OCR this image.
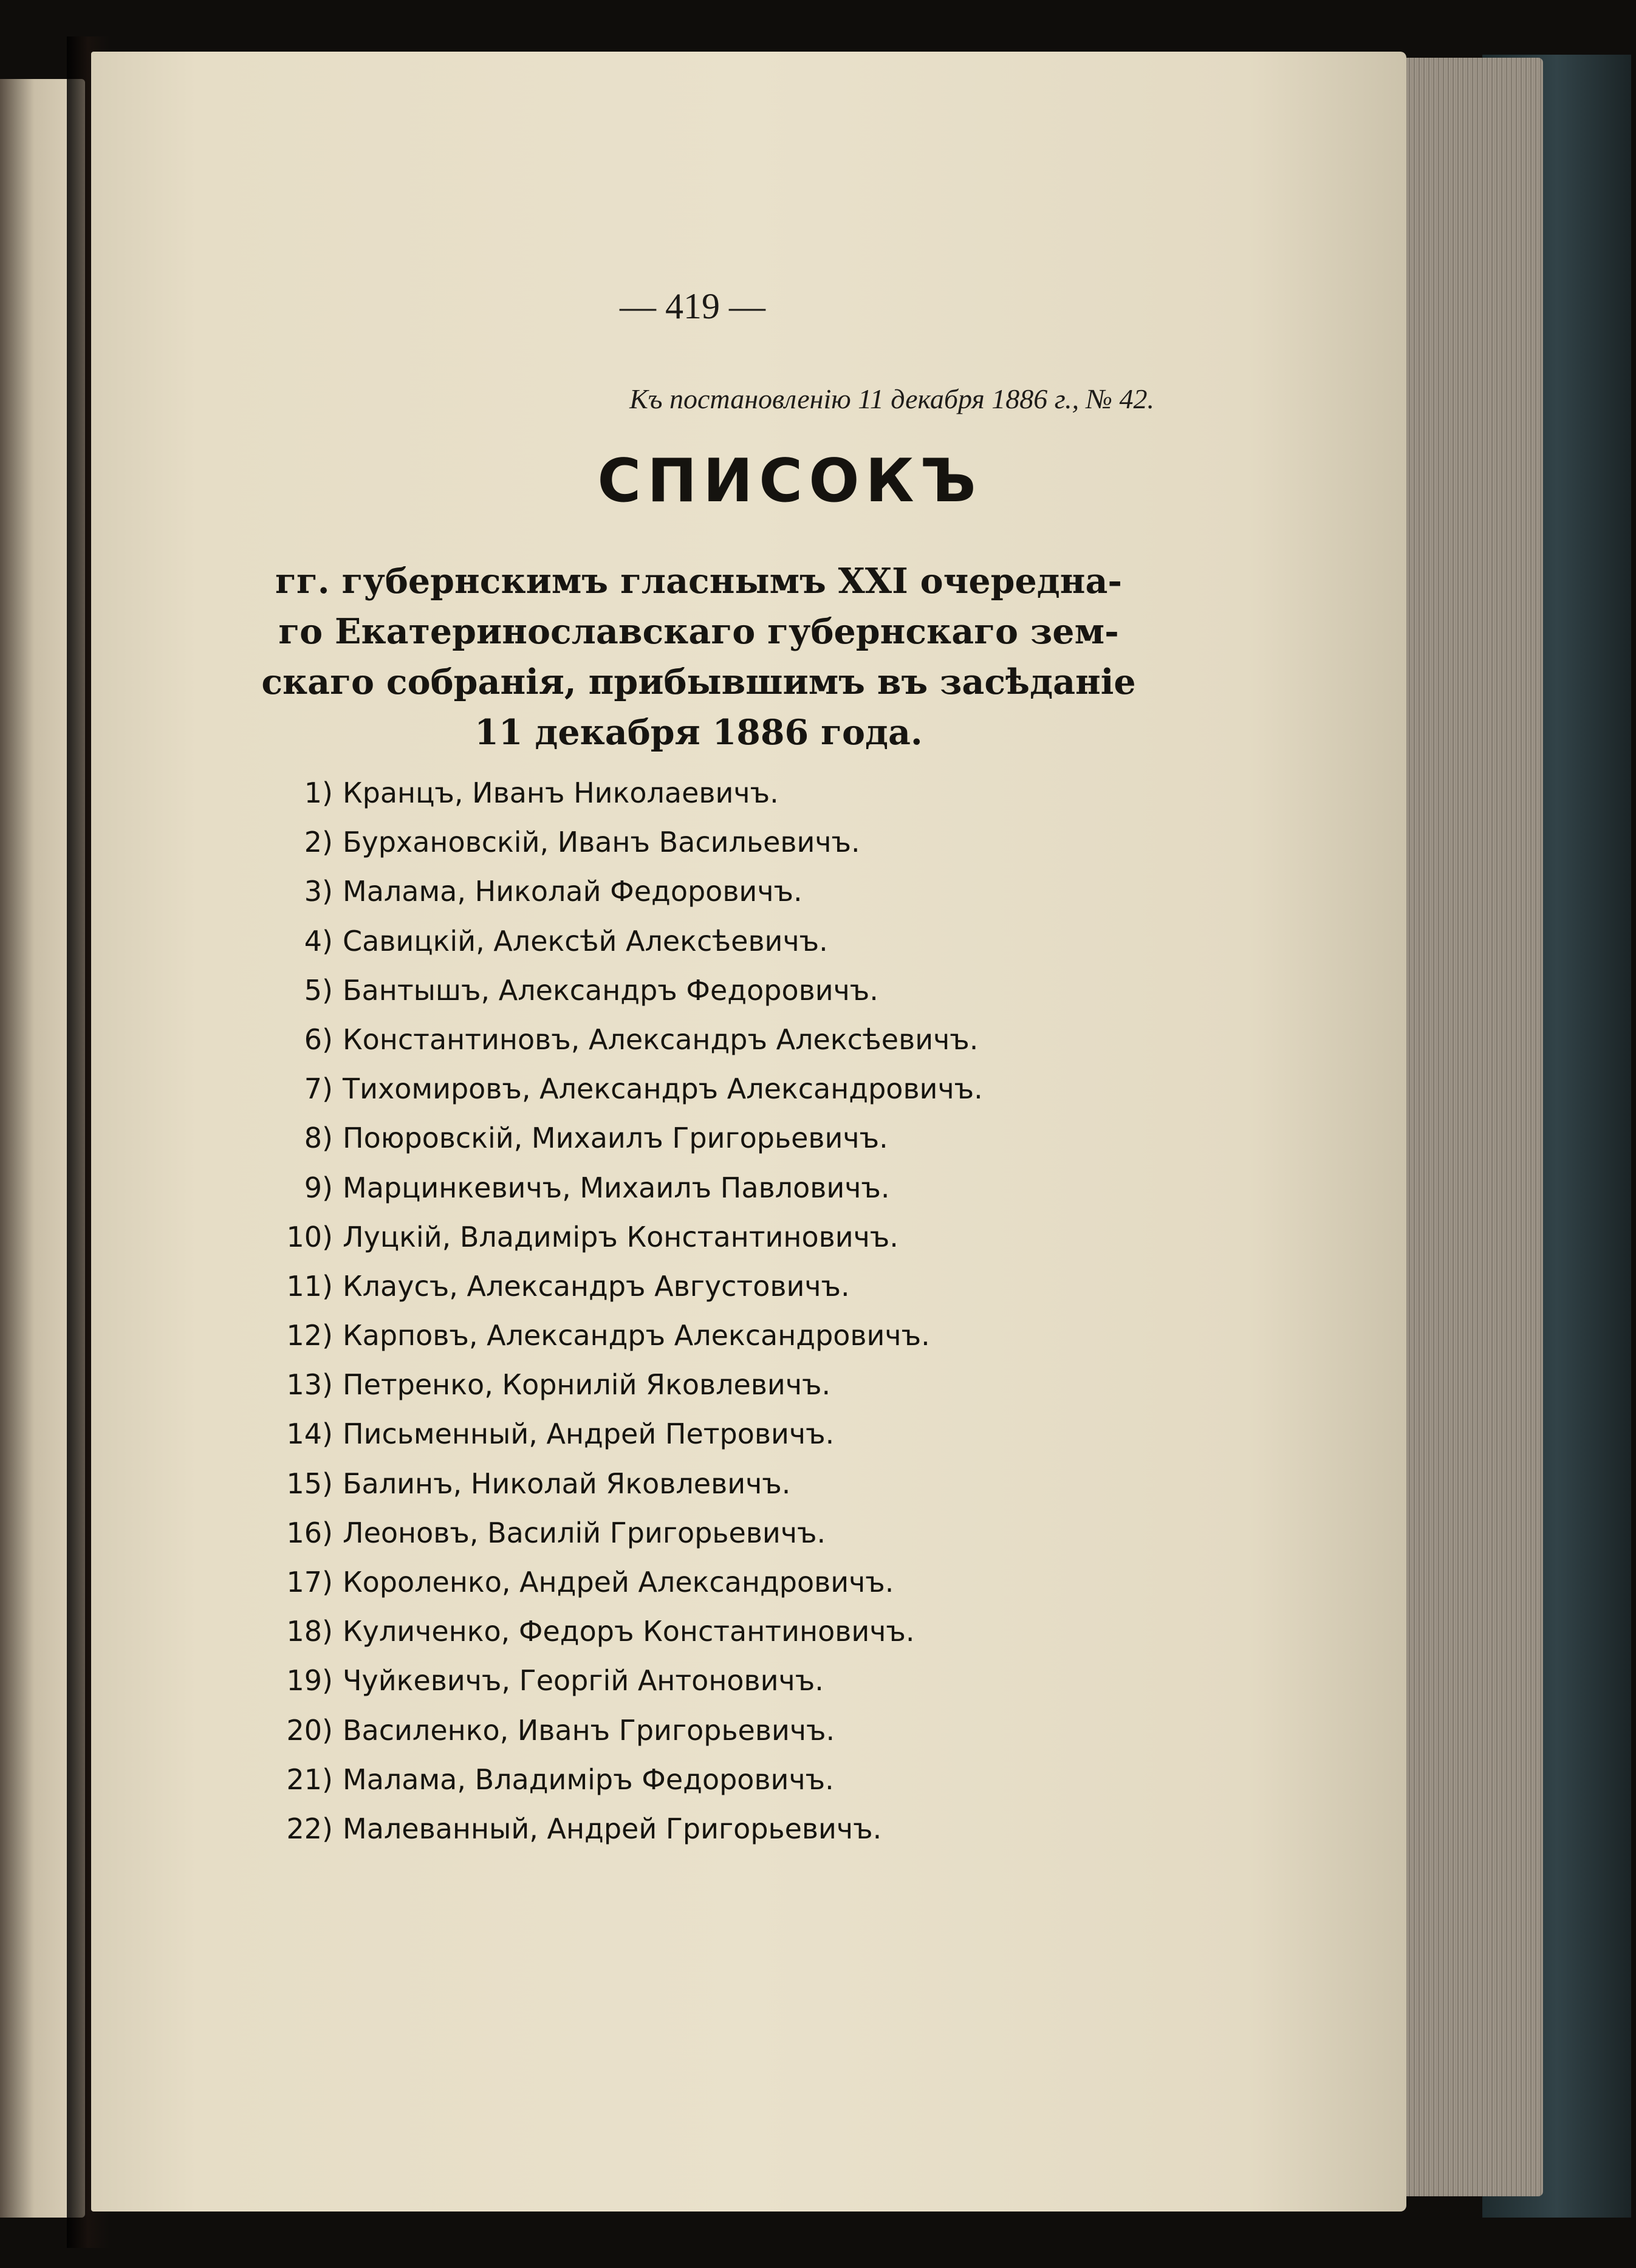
— 419 —
Къ постановленію 11 декабря 1886 г., № 42.
СПИСОКЪ
гг. губернскимъ гласнымъ XXI очередна-
го Екатеринославскаго губернскаго зем-
скаго собранія, прибывшимъ въ засѣданіе
11 декабря 1886 года.
1) Кранцъ, Иванъ Николаевичъ.
2) Бурхановскій, Иванъ Васильевичъ.
3) Малама, Николай Федоровичъ.
4) Савицкій, Алексѣй Алексѣевичъ.
5) Бантышъ, Александръ Федоровичъ.
6) Константиновъ, Александръ Алексѣевичъ.
7) Тихомировъ, Александръ Александровичъ.
8) Поюровскій, Михаилъ Григорьевичъ.
9) Марцинкевичъ, Михаилъ Павловичъ.
10) Луцкій, Владиміръ Константиновичъ.
11) Клаусъ, Александръ Августовичъ.
12) Карповъ, Александръ Александровичъ.
13) Петренко, Корнилій Яковлевичъ.
14) Письменный, Андрей Петровичъ.
15) Балинъ, Николай Яковлевичъ.
16) Леоновъ, Василій Григорьевичъ.
17) Короленко, Андрей Александровичъ.
18) Куличенко, Федоръ Константиновичъ.
19) Чуйкевичъ, Георгій Антоновичъ.
20) Василенко, Иванъ Григорьевичъ.
21) Малама, Владиміръ Федоровичъ.
22) Малеванный, Андрей Григорьевичъ.
